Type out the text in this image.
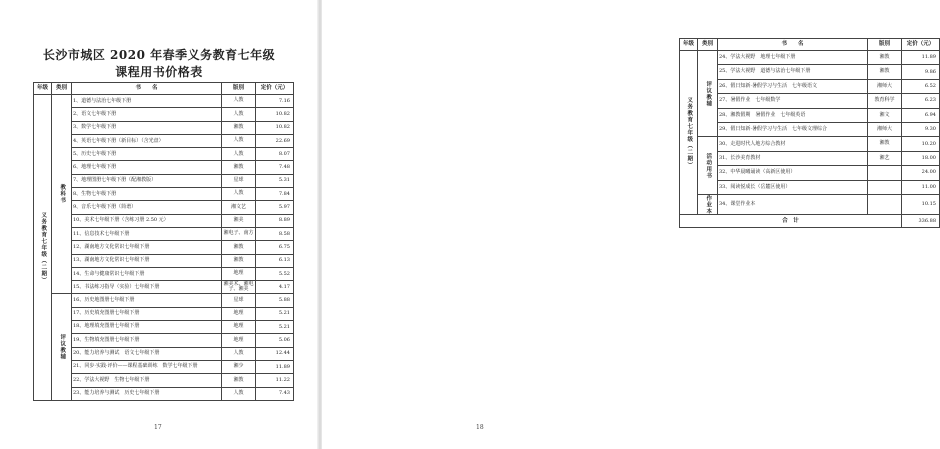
长沙市城区 2020 年春季义务教育七年级
课程用书价格表
年级	类别	书　　名	版别	定价（元）
义务教育七年级（二期）	教科书	1、道德与法治七年级下册	人教	7.16
		2、语文七年级下册	人教	10.82
		3、数学七年级下册	湘教	10.82
		4、英语七年级下册（新目标）（含光盘）	人教	22.69
		5、历史七年级下册	人教	8.07
		6、地理七年级下册	湘教	7.48
		7、地理图册七年级下册（配湘教版）	星球	5.31
		8、生物七年级下册	人教	7.84
		9、音乐七年级下册（简谱）	湘文艺	5.97
		10、美术七年级下册（含练习册 2.50 元）	湘美	8.89
		11、信息技术七年级下册	湘电子、南方	8.58
		12、湖南地方文化常识七年级下册	湘教	6.75
		13、湖南地方文化常识七年级下册	湘教	6.13
		14、生命与健康常识七年级下册	地理	5.52
		15、书法练习指导（实验）七年级下册	湘美术、湘电子、湘美	4.17
	评议教辅	16、历史地图册七年级下册	星球	5.88
		17、历史填充图册七年级下册	地理	5.21
		18、地理填充图册七年级下册	地理	5.21
		19、生物填充图册七年级下册	地理	5.06
		20、能力培养与测试　语文七年级下册	人教	12.44
		21、同步·实践·评价——课程基础训练　数学七年级下册	湘少	11.89
		22、学法大视野　生物七年级下册	湘教	11.22
		23、能力培养与测试　历史七年级下册	人教	7.43
17
年级	类别	书　　名	版别	定价（元）
义务教育七年级（二期）	评议教辅	24、学法大视野　地理七年级下册	湘教	11.89
		25、学法大视野　道德与法治七年级下册	湘教	9.86
		26、假日知新·暑假学习与生活　七年级语文	湘师大	6.52
		27、暑假作业　七年级数学	教育科学	6.23
		28、湘教假期　暑假作业　七年级英语	湘文	6.94
		29、假日知新·暑假学习与生活　七年级文理综合	湘师大	9.30
	活动用书	30、走进时代人地方综合教材	湘教	10.20
		31、长沙美育教材	湘艺	18.00
		32、中华晨曦诵读（高新区使用）		24.00
		33、阅读悦成长（岳麓区使用）		11.00
	作业本	34、课堂作业本		10.15
合　计				336.88
18
